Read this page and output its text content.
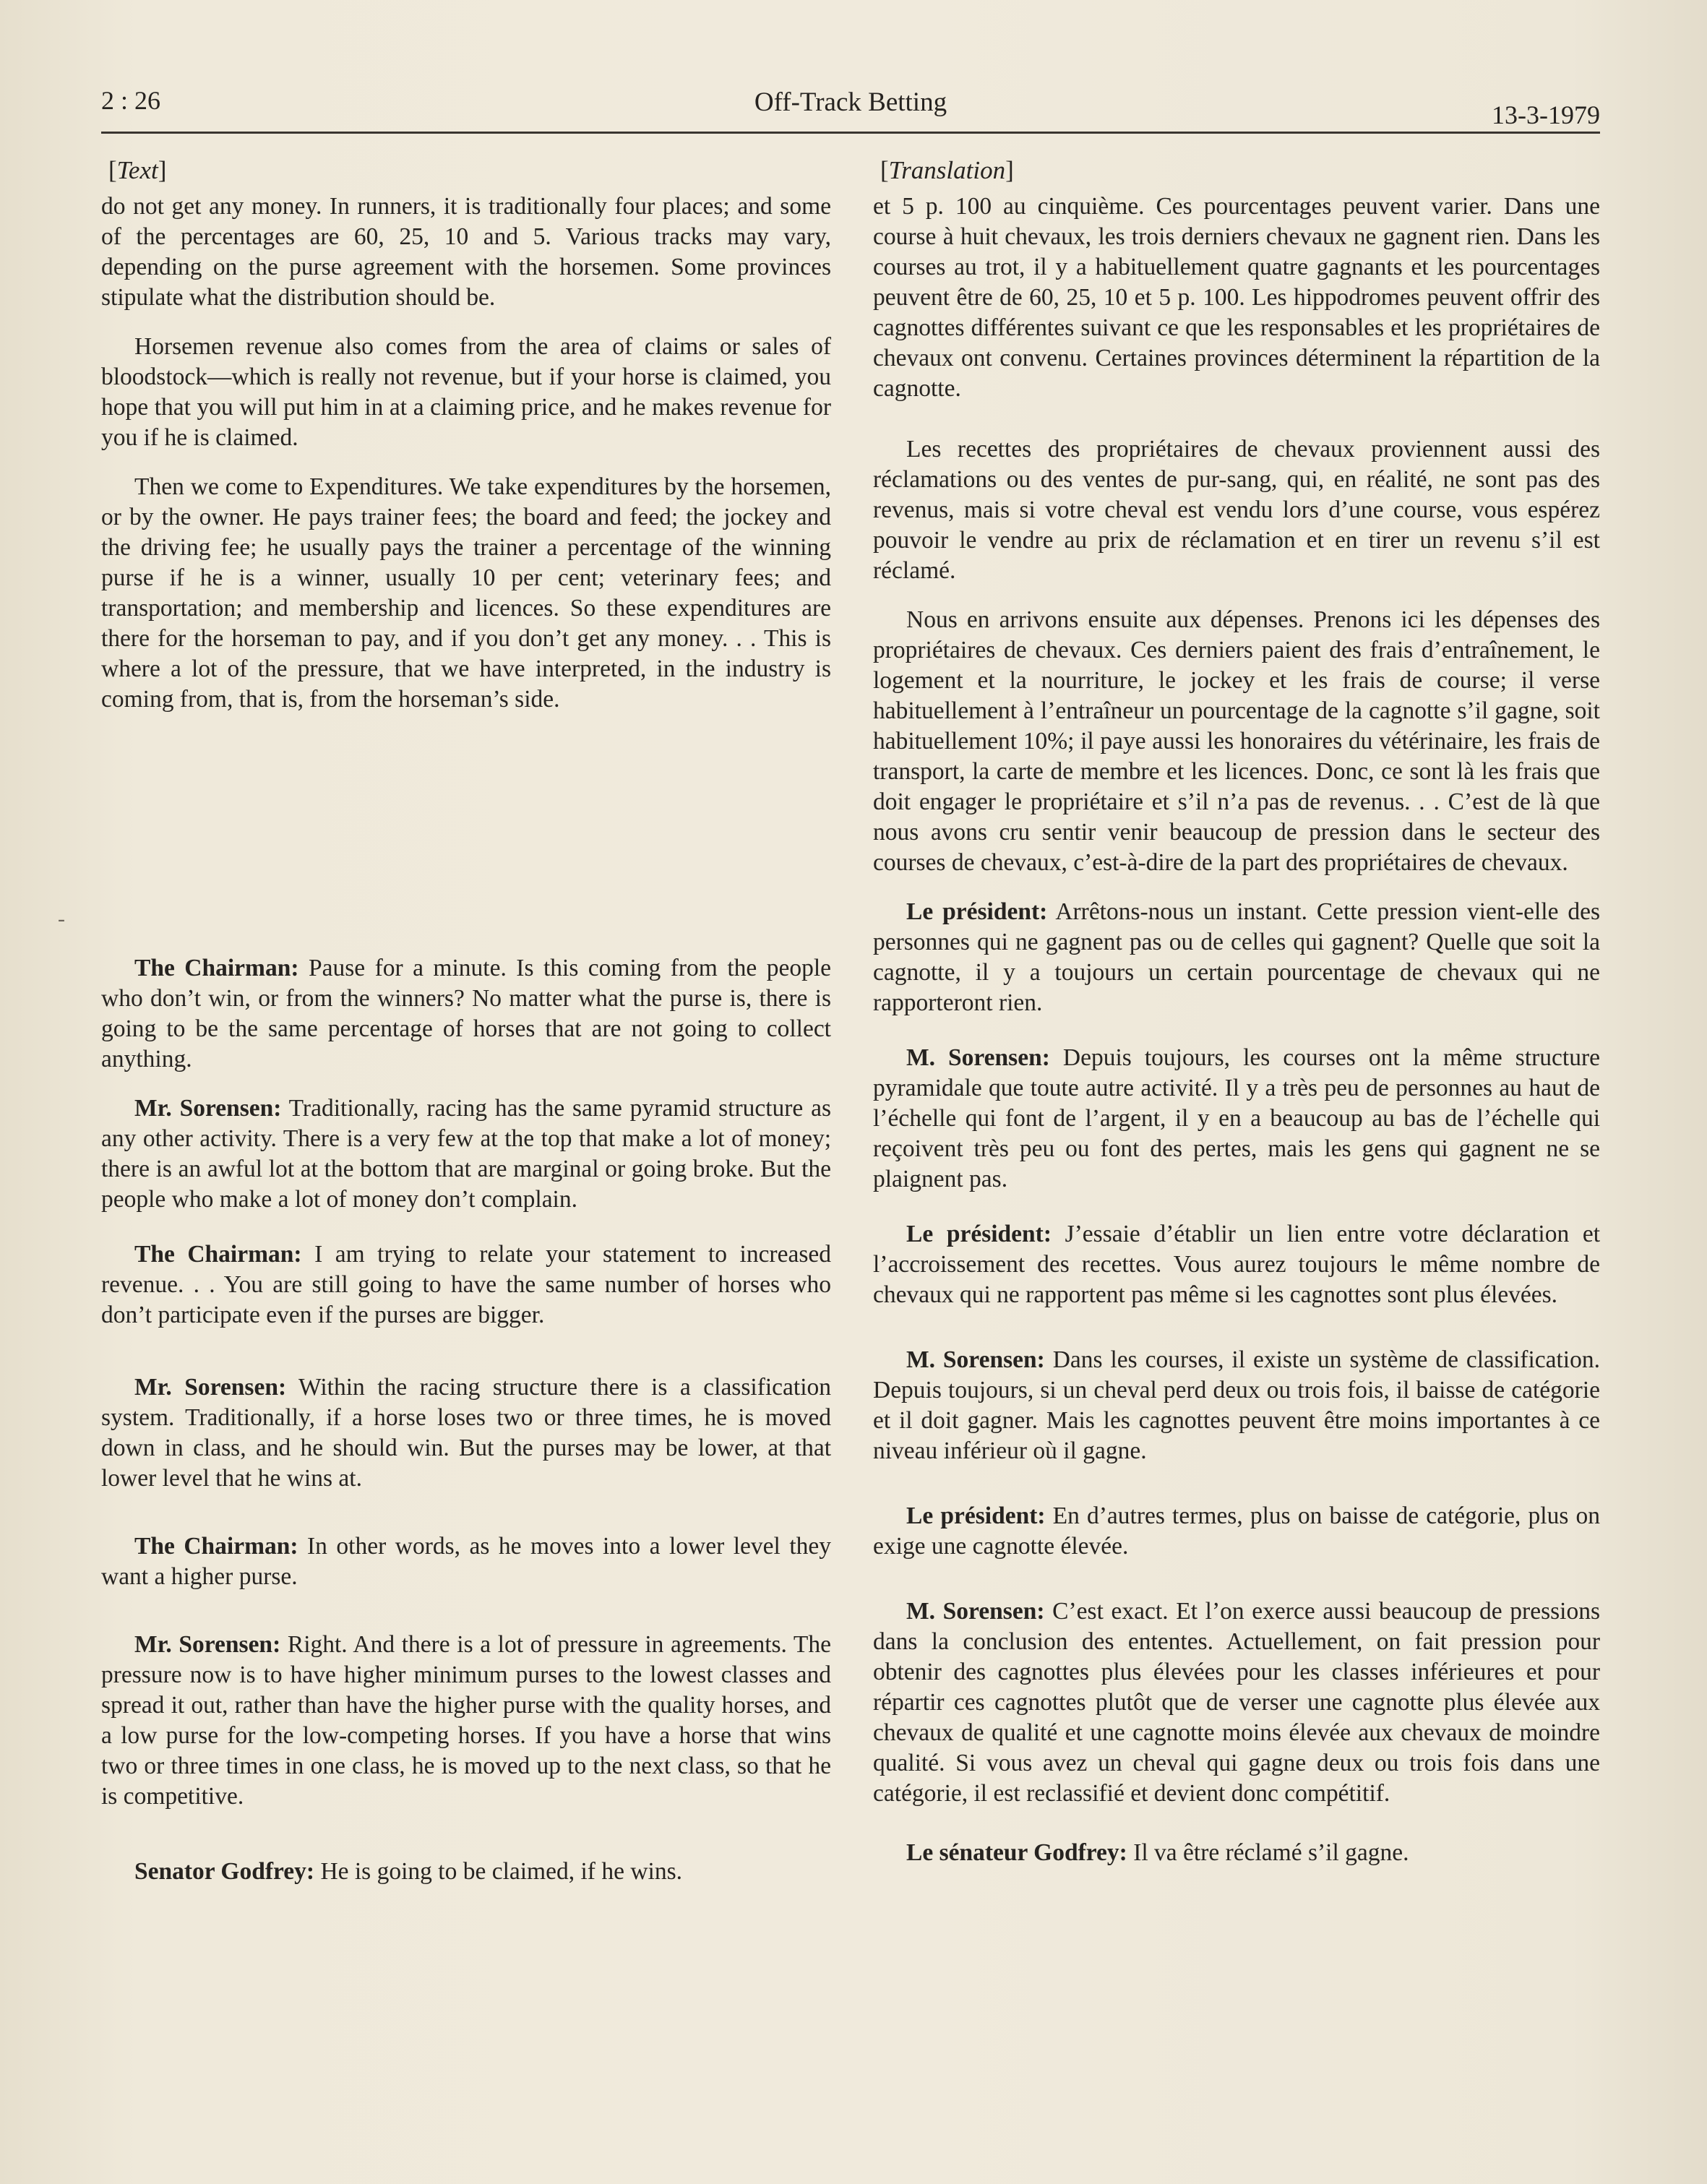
2 : 26	Off-Track Betting	13-3-1979
-
[Text]

do not get any money. In runners, it is traditionally four places; and some of the percentages are 60, 25, 10 and 5. Various tracks may vary, depending on the purse agreement with the horsemen. Some provinces stipulate what the distribution should be.

Horsemen revenue also comes from the area of claims or sales of bloodstock—which is really not revenue, but if your horse is claimed, you hope that you will put him in at a claiming price, and he makes revenue for you if he is claimed.

Then we come to Expenditures. We take expenditures by the horsemen, or by the owner. He pays trainer fees; the board and feed; the jockey and the driving fee; he usually pays the trainer a percentage of the winning purse if he is a winner, usually 10 per cent; veterinary fees; and transportation; and membership and licences. So these expenditures are there for the horseman to pay, and if you don’t get any money. . . This is where a lot of the pressure, that we have interpreted, in the industry is coming from, that is, from the horseman’s side.

The Chairman: Pause for a minute. Is this coming from the people who don’t win, or from the winners? No matter what the purse is, there is going to be the same percentage of horses that are not going to collect anything.

Mr. Sorensen: Traditionally, racing has the same pyramid structure as any other activity. There is a very few at the top that make a lot of money; there is an awful lot at the bottom that are marginal or going broke. But the people who make a lot of money don’t complain.

The Chairman: I am trying to relate your statement to increased revenue. . . You are still going to have the same number of horses who don’t participate even if the purses are bigger.

Mr. Sorensen: Within the racing structure there is a classification system. Traditionally, if a horse loses two or three times, he is moved down in class, and he should win. But the purses may be lower, at that lower level that he wins at.

The Chairman: In other words, as he moves into a lower level they want a higher purse.

Mr. Sorensen: Right. And there is a lot of pressure in agreements. The pressure now is to have higher minimum purses to the lowest classes and spread it out, rather than have the higher purse with the quality horses, and a low purse for the low-competing horses. If you have a horse that wins two or three times in one class, he is moved up to the next class, so that he is competitive.

Senator Godfrey: He is going to be claimed, if he wins.

[Translation]

et 5 p. 100 au cinquième. Ces pourcentages peuvent varier. Dans une course à huit chevaux, les trois derniers chevaux ne gagnent rien. Dans les courses au trot, il y a habituellement quatre gagnants et les pourcentages peuvent être de 60, 25, 10 et 5 p. 100. Les hippodromes peuvent offrir des cagnottes différentes suivant ce que les responsables et les propriétaires de chevaux ont convenu. Certaines provinces déterminent la répartition de la cagnotte.

Les recettes des propriétaires de chevaux proviennent aussi des réclamations ou des ventes de pur-sang, qui, en réalité, ne sont pas des revenus, mais si votre cheval est vendu lors d’une course, vous espérez pouvoir le vendre au prix de réclamation et en tirer un revenu s’il est réclamé.

Nous en arrivons ensuite aux dépenses. Prenons ici les dépenses des propriétaires de chevaux. Ces derniers paient des frais d’entraînement, le logement et la nourriture, le jockey et les frais de course; il verse habituellement à l’entraîneur un pourcentage de la cagnotte s’il gagne, soit habituellement 10%; il paye aussi les honoraires du vétérinaire, les frais de transport, la carte de membre et les licences. Donc, ce sont là les frais que doit engager le propriétaire et s’il n’a pas de revenus. . . C’est de là que nous avons cru sentir venir beaucoup de pression dans le secteur des courses de chevaux, c’est-à-dire de la part des propriétaires de chevaux.

Le président: Arrêtons-nous un instant. Cette pression vient-elle des personnes qui ne gagnent pas ou de celles qui gagnent? Quelle que soit la cagnotte, il y a toujours un certain pourcentage de chevaux qui ne rapporteront rien.

M. Sorensen: Depuis toujours, les courses ont la même structure pyramidale que toute autre activité. Il y a très peu de personnes au haut de l’échelle qui font de l’argent, il y en a beaucoup au bas de l’échelle qui reçoivent très peu ou font des pertes, mais les gens qui gagnent ne se plaignent pas.

Le président: J’essaie d’établir un lien entre votre déclaration et l’accroissement des recettes. Vous aurez toujours le même nombre de chevaux qui ne rapportent pas même si les cagnottes sont plus élevées.

M. Sorensen: Dans les courses, il existe un système de classification. Depuis toujours, si un cheval perd deux ou trois fois, il baisse de catégorie et il doit gagner. Mais les cagnottes peuvent être moins importantes à ce niveau inférieur où il gagne.

Le président: En d’autres termes, plus on baisse de catégorie, plus on exige une cagnotte élevée.

M. Sorensen: C’est exact. Et l’on exerce aussi beaucoup de pressions dans la conclusion des ententes. Actuellement, on fait pression pour obtenir des cagnottes plus élevées pour les classes inférieures et pour répartir ces cagnottes plutôt que de verser une cagnotte plus élevée aux chevaux de qualité et une cagnotte moins élevée aux chevaux de moindre qualité. Si vous avez un cheval qui gagne deux ou trois fois dans une catégorie, il est reclassifié et devient donc compétitif.

Le sénateur Godfrey: Il va être réclamé s’il gagne.
